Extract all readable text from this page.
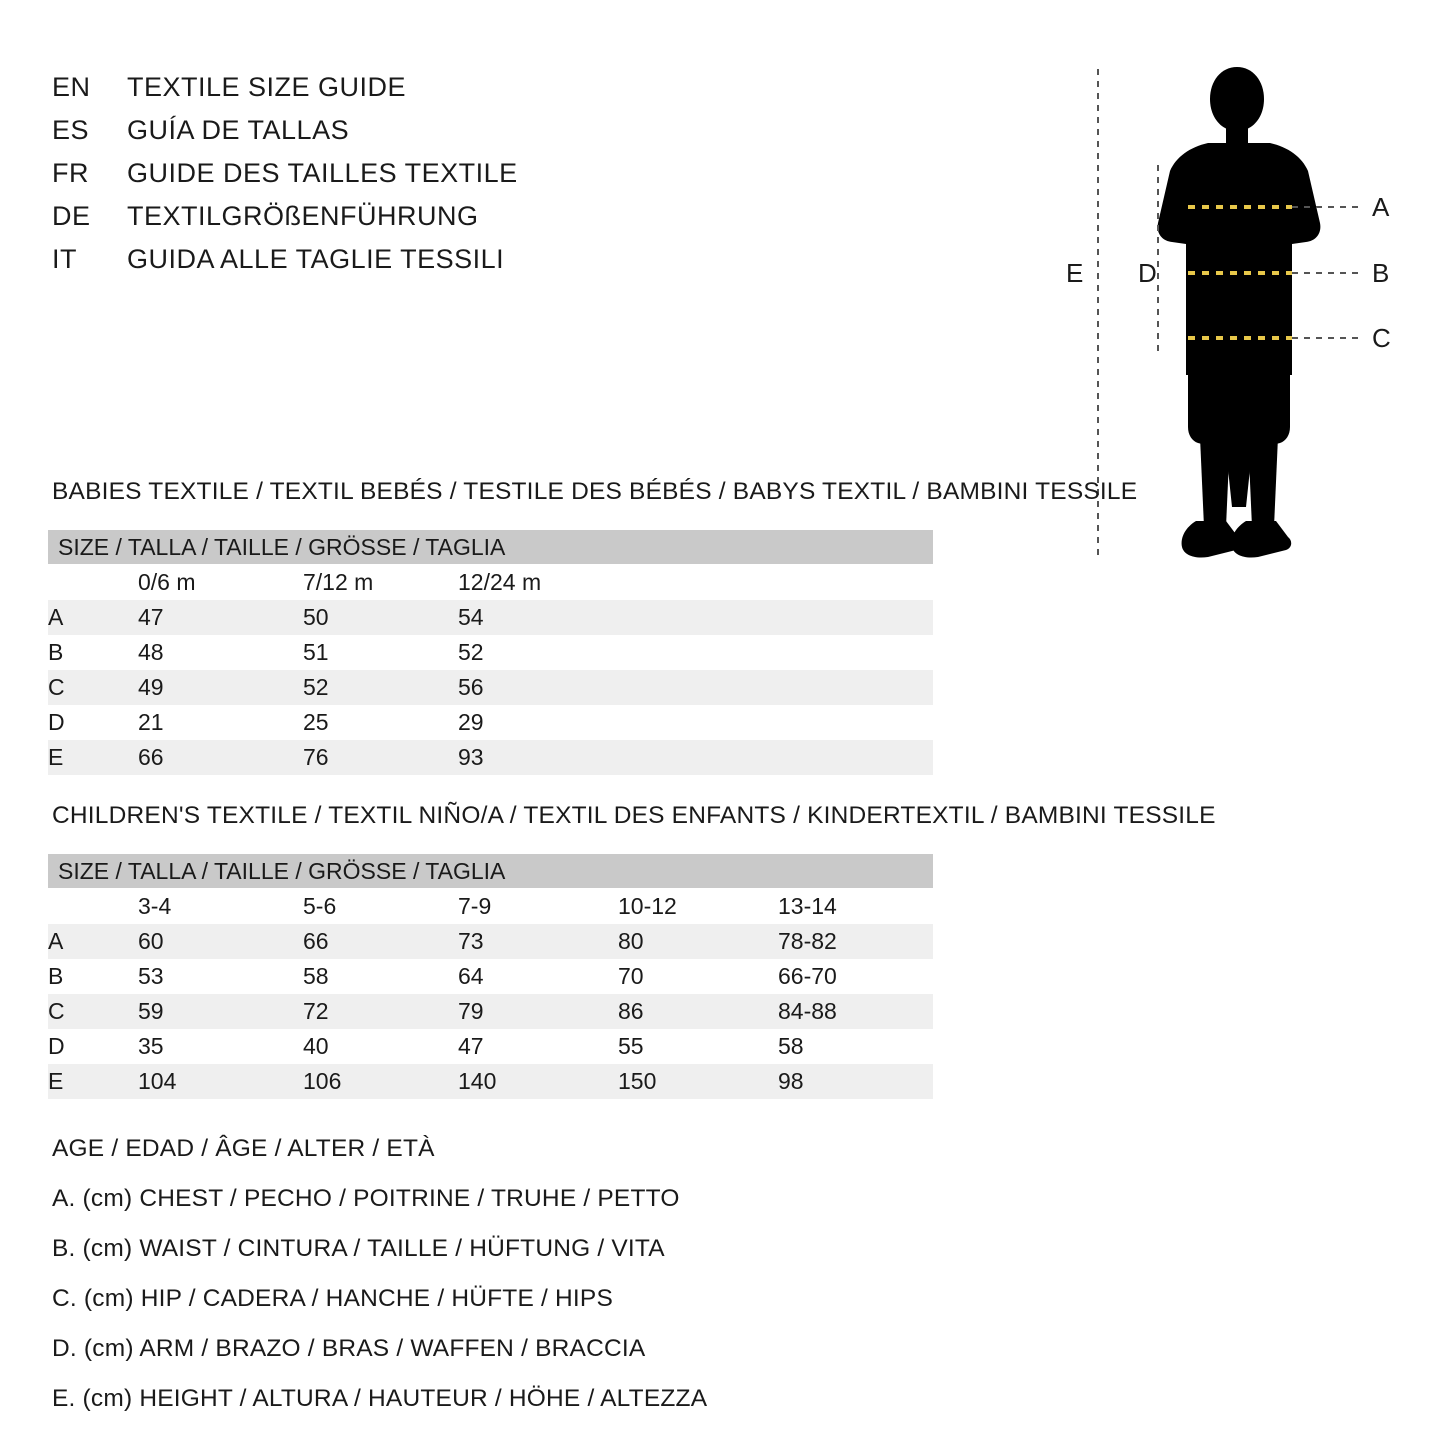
EN	TEXTILE SIZE GUIDE
ES	GUÍA DE TALLAS
FR	GUIDE DES TAILLES TEXTILE
DE	TEXTILGRÖßENFÜHRUNG
IT	GUIDA ALLE TAGLIE TESSILI
A
B
C
D
E
BABIES TEXTILE / TEXTIL BEBÉS / TESTILE DES BÉBÉS / BABYS TEXTIL / BAMBINI TESSILE
SIZE / TALLA / TAILLE / GRÖSSE / TAGLIA			
	0/6 m	7/12 m	12/24 m
A	47	50	54
B	48	51	52
C	49	52	56
D	21	25	29
E	66	76	93
CHILDREN'S TEXTILE / TEXTIL NIÑO/A / TEXTIL DES ENFANTS / KINDERTEXTIL / BAMBINI TESSILE
SIZE / TALLA / TAILLE / GRÖSSE / TAGLIA					
	3-4	5-6	7-9	10-12	13-14
A	60	66	73	80	78-82
B	53	58	64	70	66-70
C	59	72	79	86	84-88
D	35	40	47	55	58
E	104	106	140	150	98
AGE / EDAD / ÂGE / ALTER / ETÀ
A. (cm) CHEST / PECHO / POITRINE / TRUHE / PETTO
B. (cm) WAIST / CINTURA / TAILLE / HÜFTUNG / VITA
C. (cm) HIP / CADERA / HANCHE / HÜFTE / HIPS
D. (cm) ARM / BRAZO / BRAS / WAFFEN / BRACCIA
E. (cm) HEIGHT / ALTURA / HAUTEUR / HÖHE / ALTEZZA
